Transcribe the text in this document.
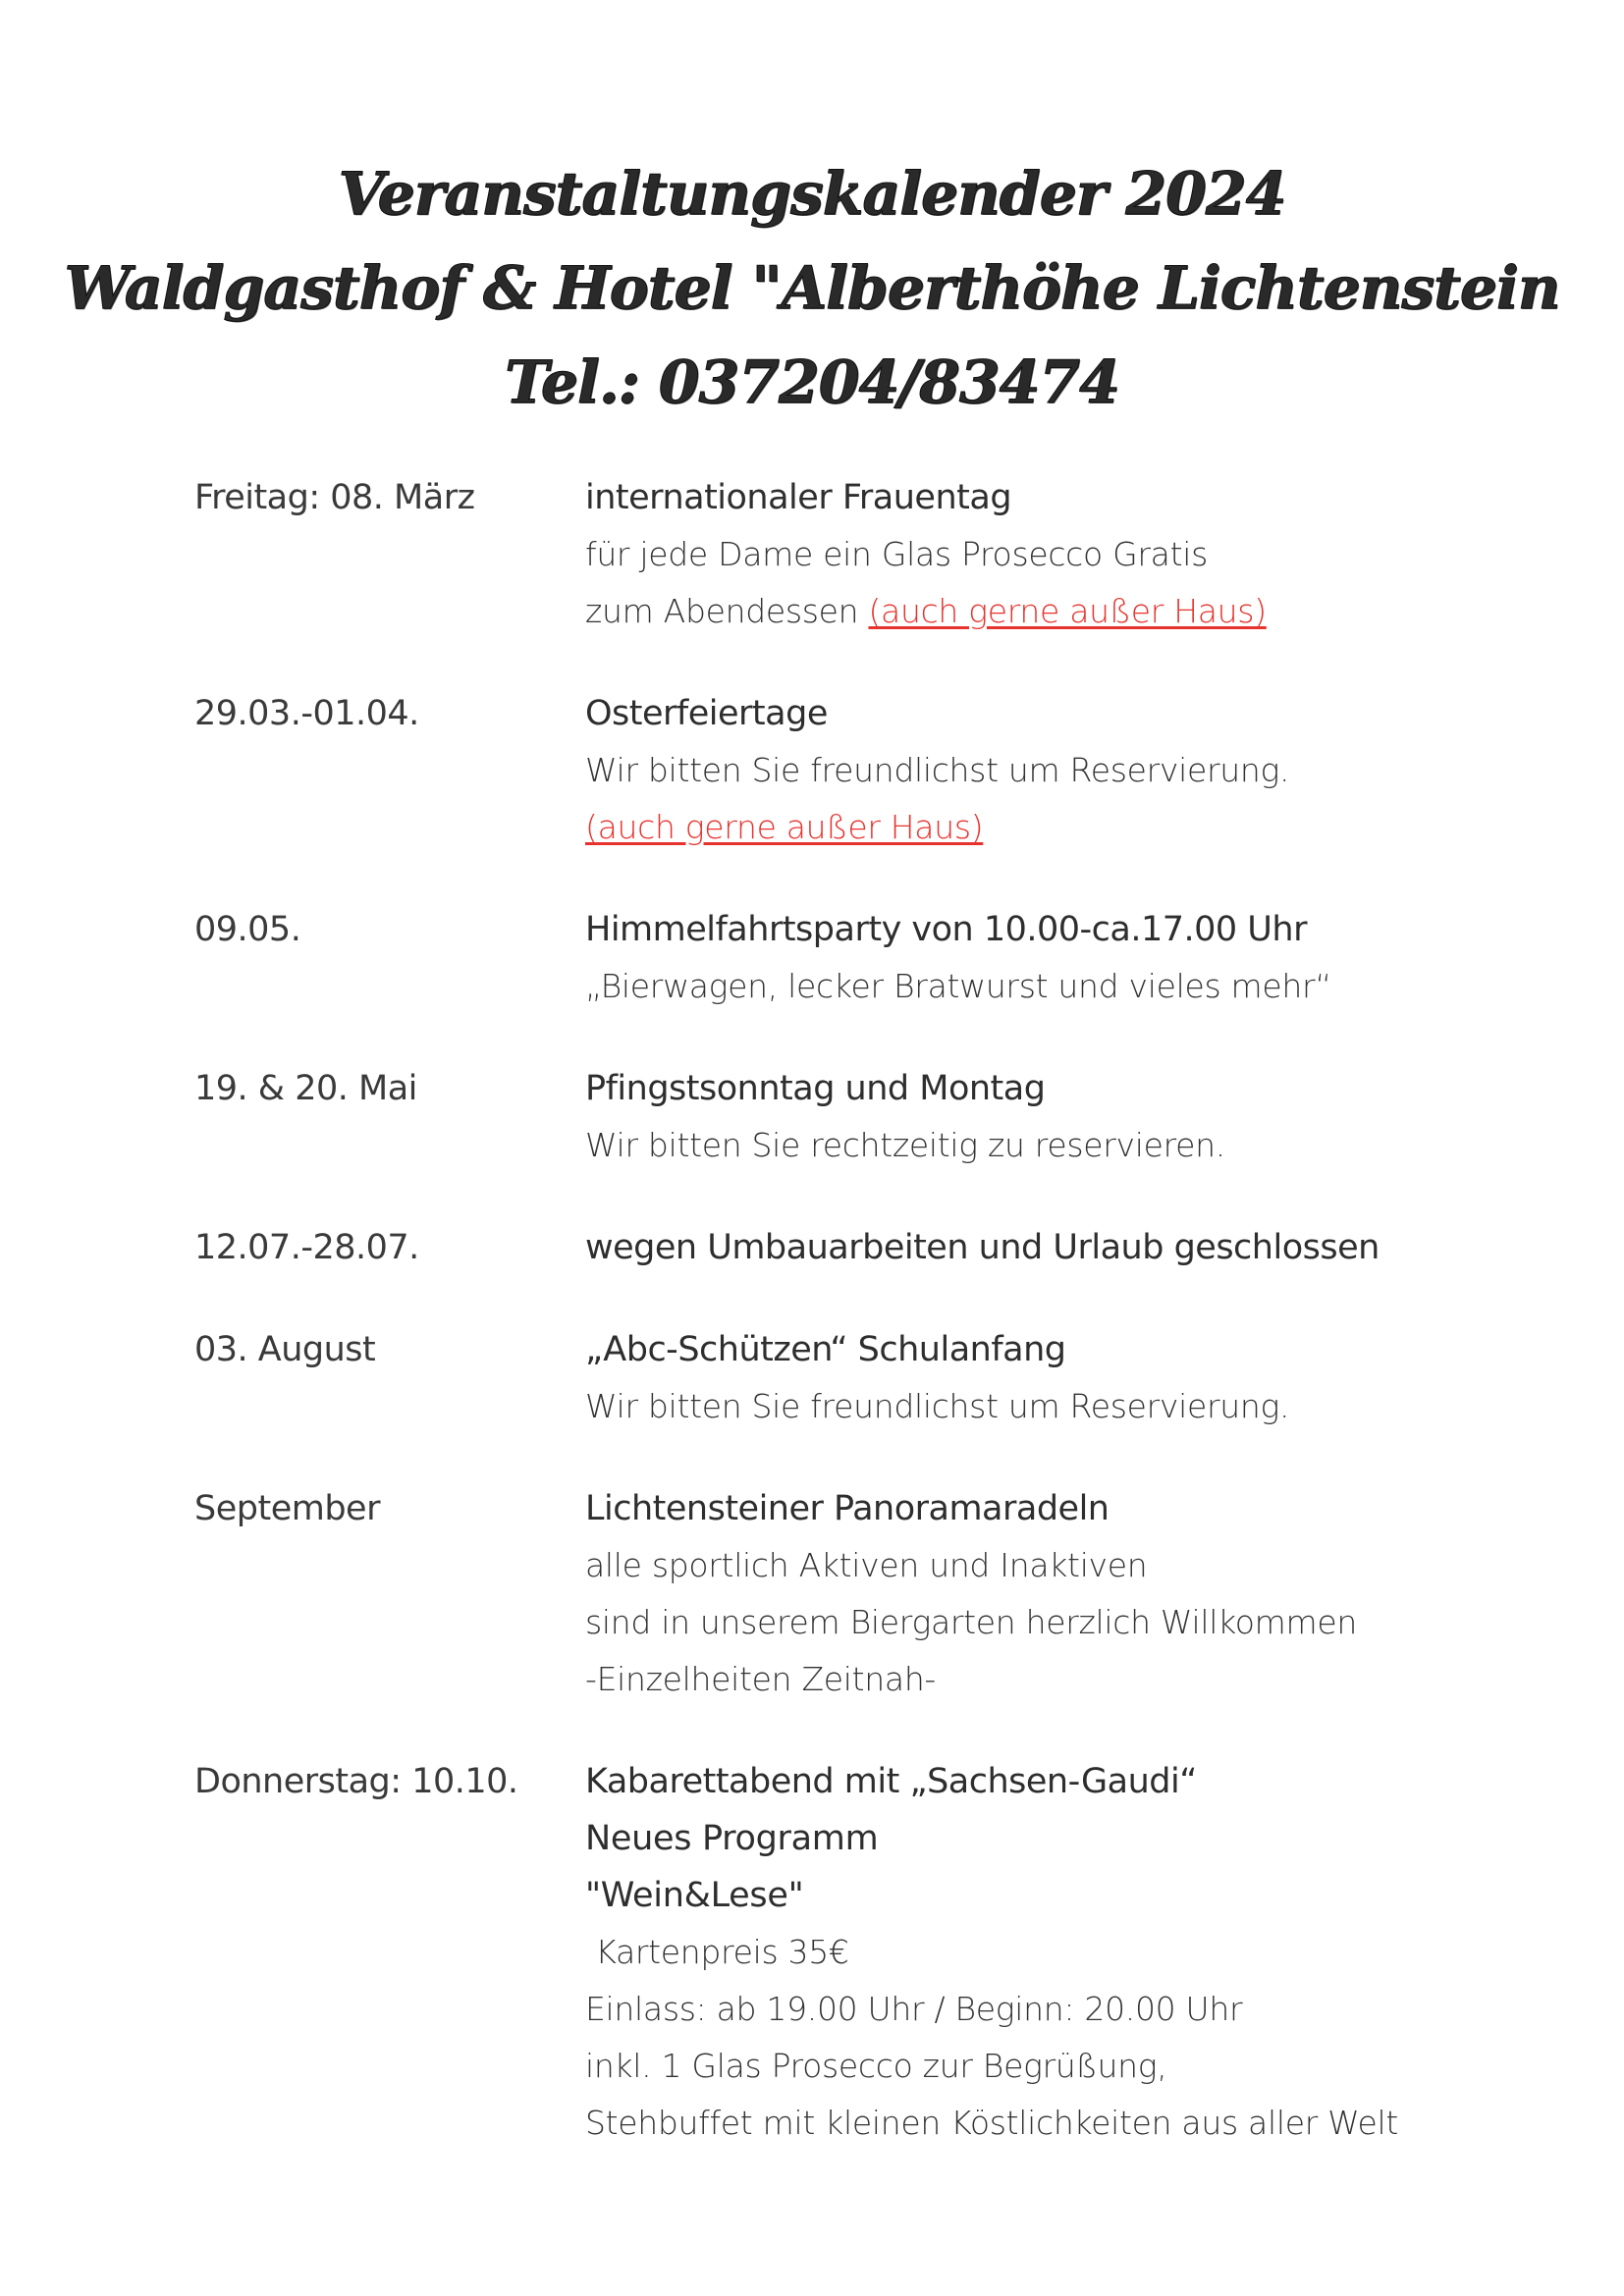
Veranstaltungskalender 2024
Waldgasthof & Hotel "Alberthöhe Lichtenstein
Tel.: 037204/83474
Freitag: 08. März	internationaler Frauentag
für jede Dame ein Glas Prosecco Gratis
zum Abendessen (auch gerne außer Haus)
29.03.-01.04.	Osterfeiertage
Wir bitten Sie freundlichst um Reservierung.
(auch gerne außer Haus)
09.05.	Himmelfahrtsparty von 10.00-ca.17.00 Uhr
„Bierwagen, lecker Bratwurst und vieles mehr“
19. & 20. Mai	Pfingstsonntag und Montag
Wir bitten Sie rechtzeitig zu reservieren.
12.07.-28.07.	wegen Umbauarbeiten und Urlaub geschlossen
03. August	„Abc-Schützen“ Schulanfang
Wir bitten Sie freundlichst um Reservierung.
September	Lichtensteiner Panoramaradeln
alle sportlich Aktiven und Inaktiven
sind in unserem Biergarten herzlich Willkommen
-Einzelheiten Zeitnah-
Donnerstag: 10.10.	Kabarettabend mit „Sachsen-Gaudi“
Neues Programm
"Wein&Lese"
Kartenpreis 35€
Einlass: ab 19.00 Uhr / Beginn: 20.00 Uhr
inkl. 1 Glas Prosecco zur Begrüßung,
Stehbuffet mit kleinen Köstlichkeiten aus aller Welt
